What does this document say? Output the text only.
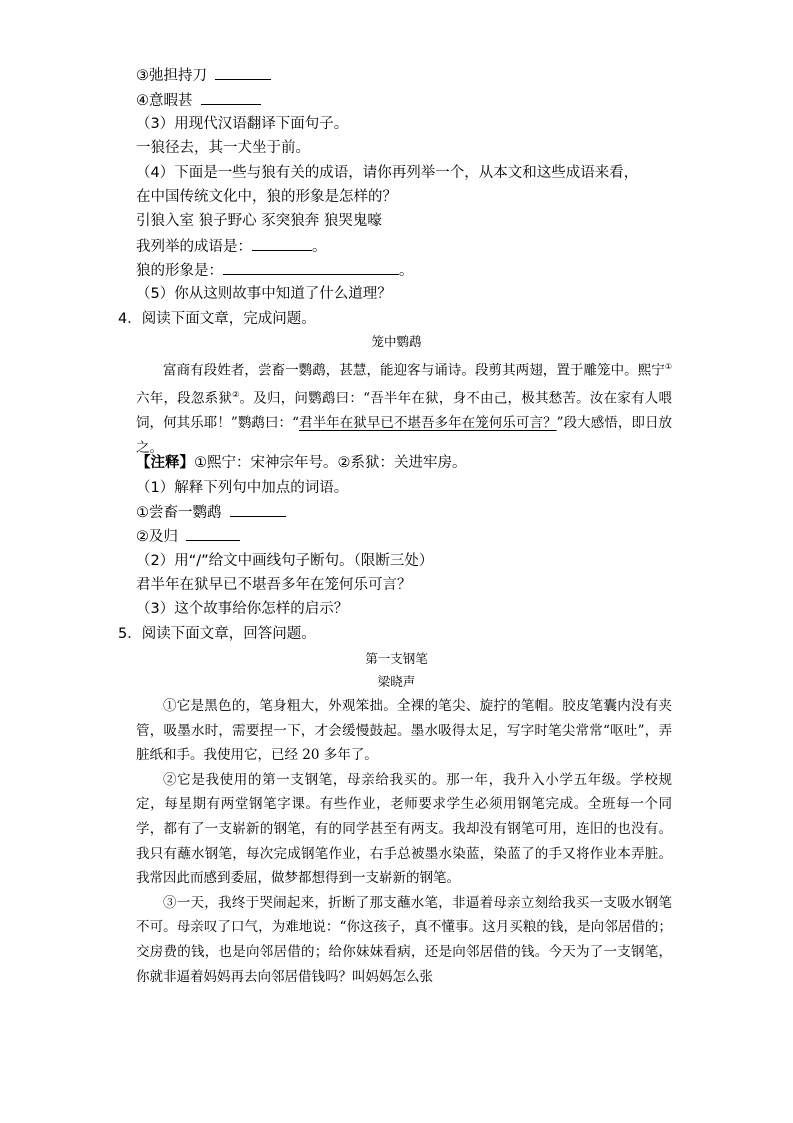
③弛担持刀
④意暇甚
（3）用现代汉语翻译下面句子。
一狼径去，其一犬坐于前。
（4）下面是一些与狼有关的成语，请你再列举一个，从本文和这些成语来看，
在中国传统文化中，狼的形象是怎样的？
引狼入室 狼子野心 豕突狼奔 狼哭鬼嚎
我列举的成语是：	。
狼的形象是：	。
（5）你从这则故事中知道了什么道理？
4．阅读下面文章，完成问题。
笼中鹦鹉

富商有段姓者，尝畜一鹦鹉，甚慧，能迎客与诵诗。段剪其两翅，置于雕笼中。熙宁①六年，段忽系狱②。及归，问鹦鹉曰：“吾半年在狱，身不由己，极其愁苦。汝在家有人喂饲，何其乐耶！”鹦鹉曰：“君半年在狱早已不堪吾多年在笼何乐可言？”段大感悟，即日放之。

【注释】①熙宁：宋神宗年号。②系狱：关进牢房。
（1）解释下列句中加点的词语。
①尝畜一鹦鹉
②及归
（2）用“/”给文中画线句子断句。（限断三处）
君半年在狱早已不堪吾多年在笼何乐可言？
（3）这个故事给你怎样的启示？
5．阅读下面文章，回答问题。
第一支钢笔
梁晓声

①它是黑色的，笔身粗大，外观笨拙。全裸的笔尖、旋拧的笔帽。胶皮笔囊内没有夹管，吸墨水时，需要捏一下，才会缓慢鼓起。墨水吸得太足，写字时笔尖常常“呕吐”，弄脏纸和手。我使用它，已经 20 多年了。

②它是我使用的第一支钢笔，母亲给我买的。那一年，我升入小学五年级。学校规定，每星期有两堂钢笔字课。有些作业，老师要求学生必须用钢笔完成。全班每一个同学，都有了一支崭新的钢笔，有的同学甚至有两支。我却没有钢笔可用，连旧的也没有。我只有蘸水钢笔，每次完成钢笔作业，右手总被墨水染蓝，染蓝了的手又将作业本弄脏。我常因此而感到委屈，做梦都想得到一支崭新的钢笔。

③一天，我终于哭闹起来，折断了那支蘸水笔，非逼着母亲立刻给我买一支吸水钢笔不可。母亲叹了口气，为难地说：“你这孩子，真不懂事。这月买粮的钱，是向邻居借的；交房费的钱，也是向邻居借的；给你妹妹看病，还是向邻居借的钱。今天为了一支钢笔，你就非逼着妈妈再去向邻居借钱吗？叫妈妈怎么张
